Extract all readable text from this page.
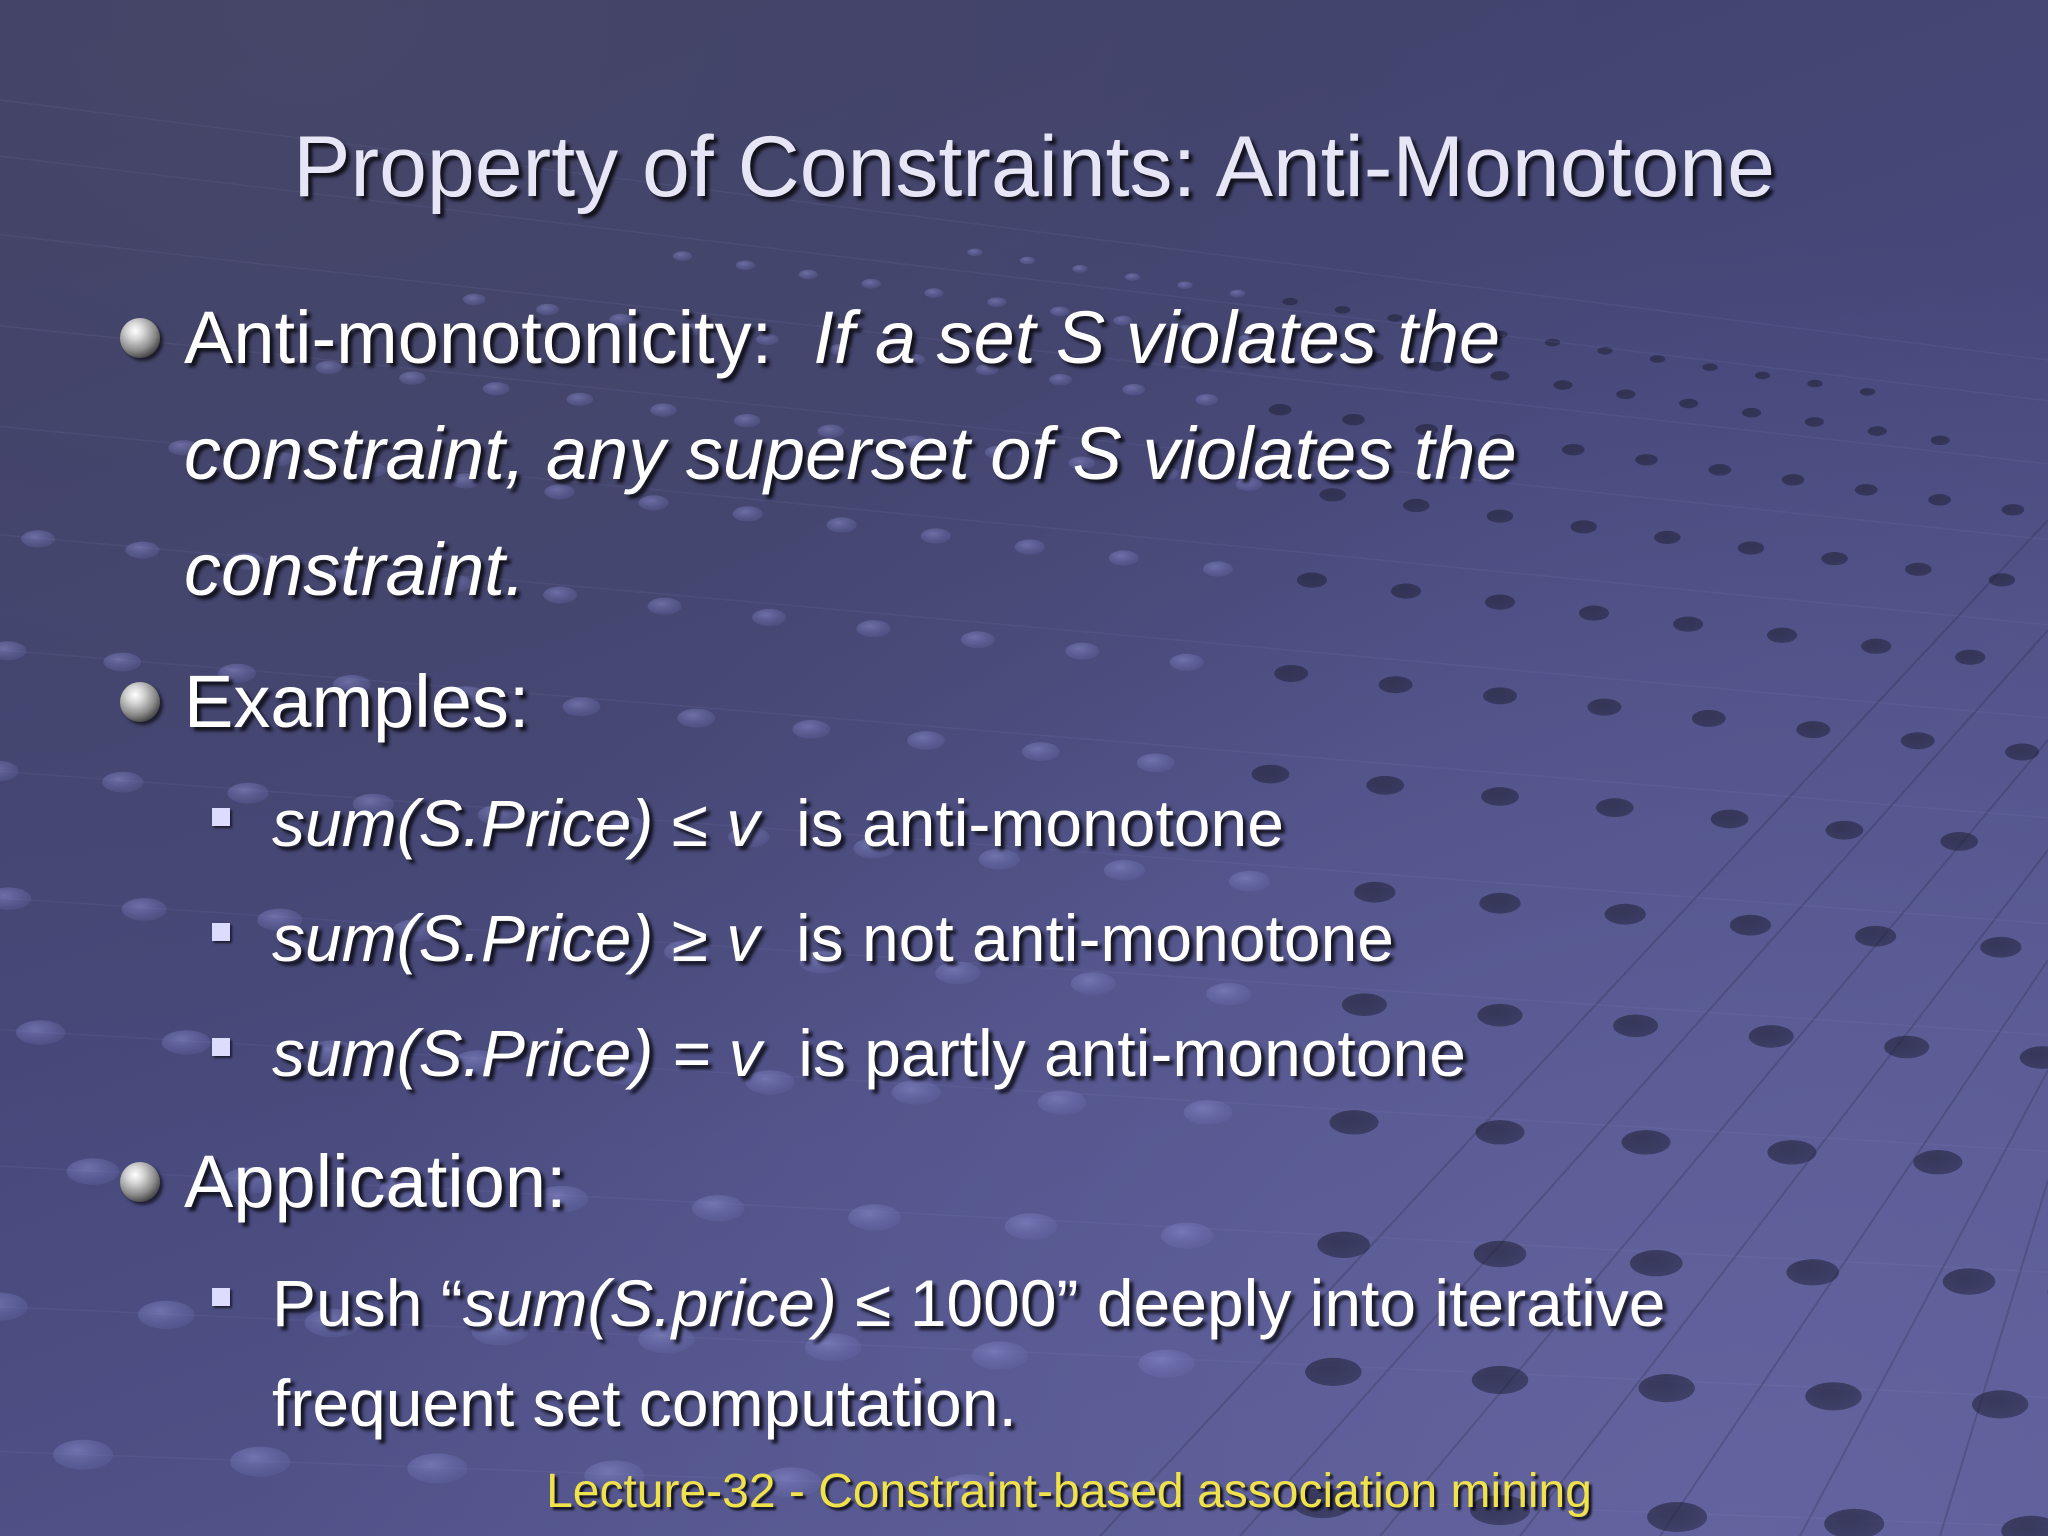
Property of Constraints: Anti-Monotone
Anti-monotonicity: If a set S violates the
constraint, any superset of S violates the
constraint.
Examples:
sum(S.Price) ≤ v is anti-monotone
sum(S.Price) ≥ v is not anti-monotone
sum(S.Price) = v is partly anti-monotone
Application:
Push “sum(S.price) ≤ 1000” deeply into iterative
frequent set computation.
Lecture-32 - Constraint-based association mining
